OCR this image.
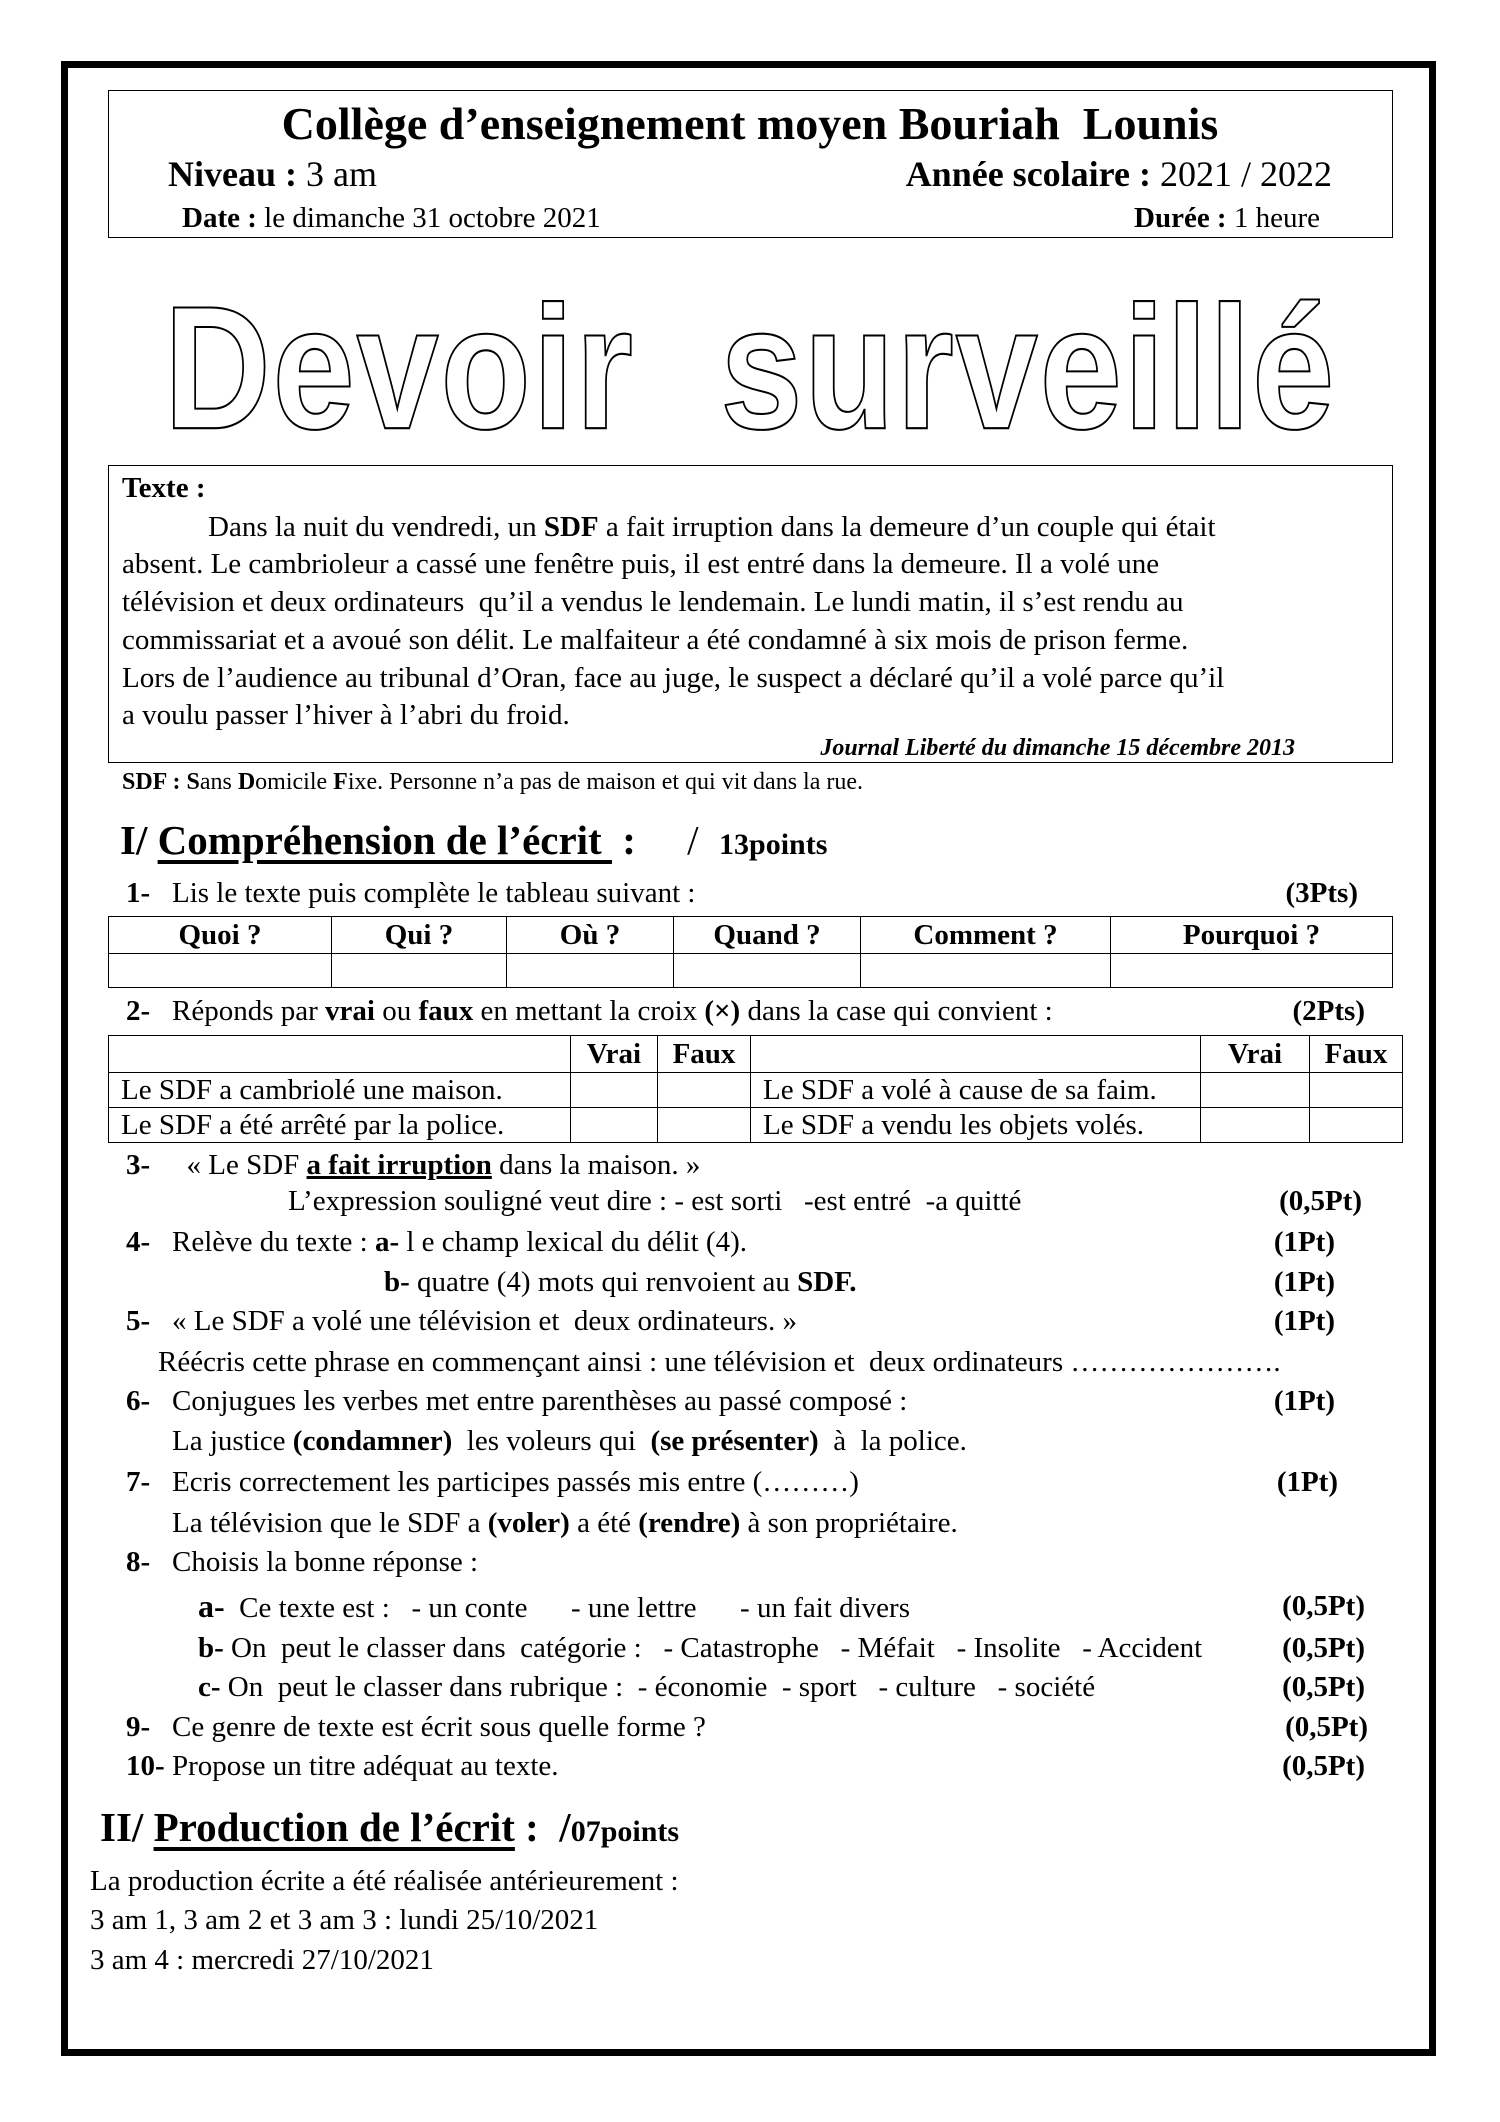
Collège d’enseignement moyen Bouriah  Lounis
Niveau : 3 am	Année scolaire : 2021 / 2022
Date : le dimanche 31 octobre 2021	Durée : 1 heure
Devoir  surveillé
Texte :
Dans la nuit du vendredi, un SDF a fait irruption dans la demeure d’un couple qui était
absent. Le cambrioleur a cassé une fenêtre puis, il est entré dans la demeure. Il a volé une
télévision et deux ordinateurs  qu’il a vendus le lendemain. Le lundi matin, il s’est rendu au
commissariat et a avoué son délit. Le malfaiteur a été condamné à six mois de prison ferme.
Lors de l’audience au tribunal d’Oran, face au juge, le suspect a déclaré qu’il a volé parce qu’il
a voulu passer l’hiver à l’abri du froid.
Journal Liberté du dimanche 15 décembre 2013
SDF : Sans Domicile Fixe. Personne n’a pas de maison et qui vit dans la rue.
I/ Compréhension de l’écrit  :     /  13points
1- Lis le texte puis complète le tableau suivant :	(3Pts)
Quoi ?	Qui ?	Où ?	Quand ?	Comment ?	Pourquoi ?

2- Réponds par vrai ou faux en mettant la croix (×) dans la case qui convient :	(2Pts)
	Vrai	Faux		Vrai	Faux
Le SDF a cambriolé une maison.			Le SDF a volé à cause de sa faim.		
Le SDF a été arrêté par la police.			Le SDF a vendu les objets volés.		
3-  « Le SDF a fait irruption dans la maison. »
L’expression souligné veut dire : - est sorti   -est entré  -a quitté	(0,5Pt)
4- Relève du texte : a- l e champ lexical du délit (4).	(1Pt)
b- quatre (4) mots qui renvoient au SDF.	(1Pt)
5- « Le SDF a volé une télévision et  deux ordinateurs. »	(1Pt)
Réécris cette phrase en commençant ainsi : une télévision et  deux ordinateurs ………………….
6- Conjugues les verbes met entre parenthèses au passé composé :	(1Pt)
La justice (condamner)  les voleurs qui  (se présenter)  à  la police.
7- Ecris correctement les participes passés mis entre (………)	(1Pt)
La télévision que le SDF a (voler) a été (rendre) à son propriétaire.
8- Choisis la bonne réponse :
a-  Ce texte est :   - un conte      - une lettre      - un fait divers	(0,5Pt)
b- On  peut le classer dans  catégorie :   - Catastrophe   - Méfait   - Insolite   - Accident	(0,5Pt)
c- On  peut le classer dans rubrique :  - économie  - sport   - culture   - société	(0,5Pt)
9- Ce genre de texte est écrit sous quelle forme ?	(0,5Pt)
10- Propose un titre adéquat au texte.	(0,5Pt)
II/ Production de l’écrit :  /07points
La production écrite a été réalisée antérieurement :
3 am 1, 3 am 2 et 3 am 3 : lundi 25/10/2021
3 am 4 : mercredi 27/10/2021
